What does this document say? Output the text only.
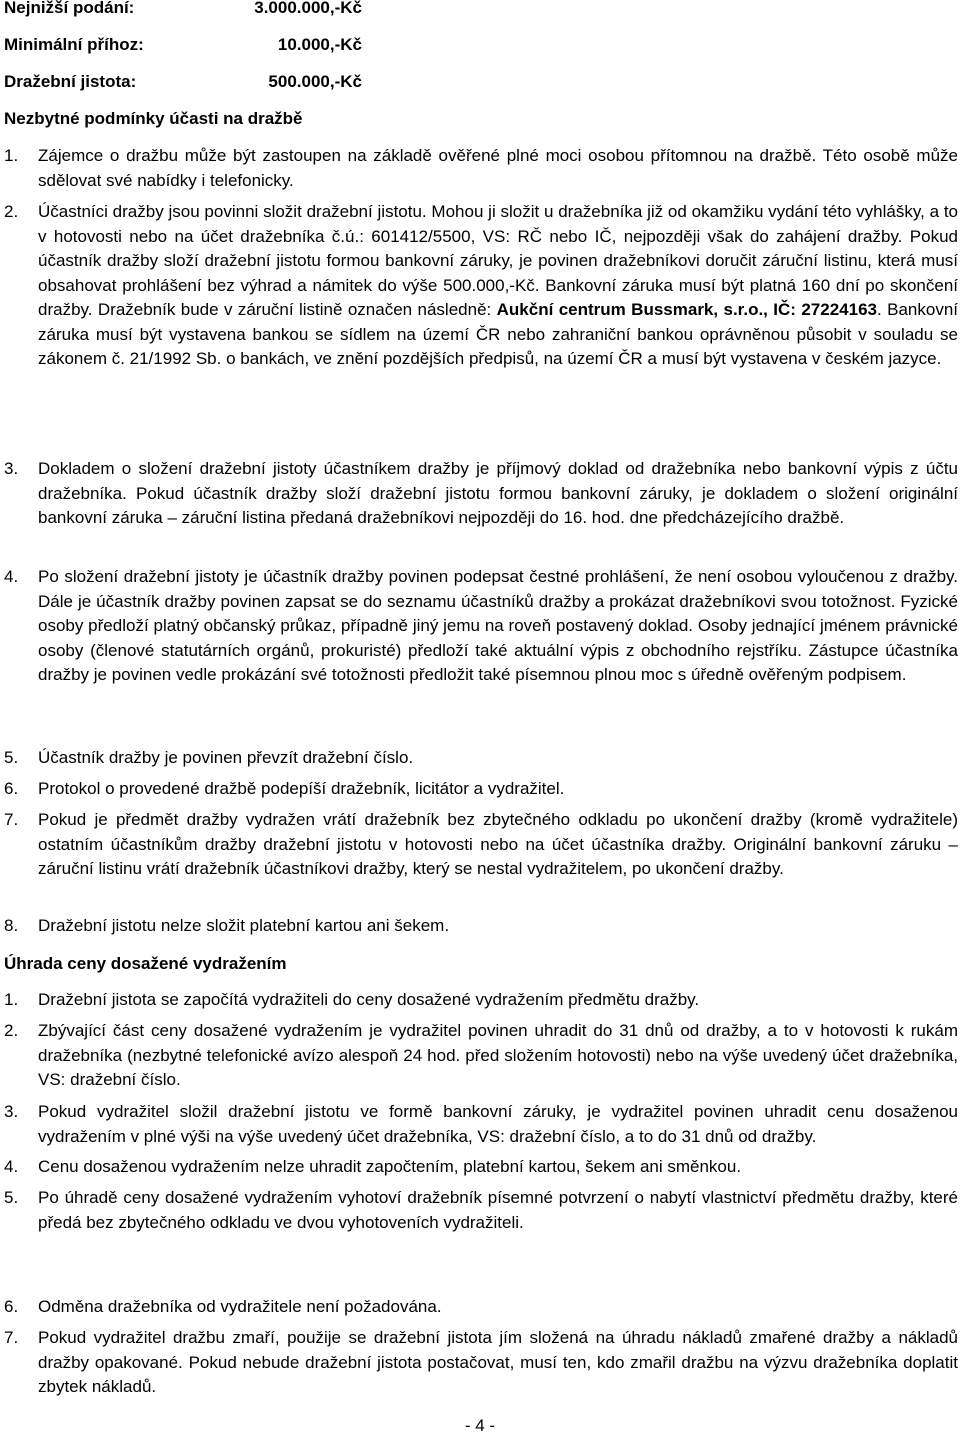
Nejnižší podání:	3.000.000,-Kč
Minimální příhoz:	10.000,-Kč
Dražební jistota:	500.000,-Kč
Nezbytné podmínky účasti na dražbě
1. Zájemce o dražbu může být zastoupen na základě ověřené plné moci osobou přítomnou na dražbě. Této osobě může sdělovat své nabídky i telefonicky.
2. Účastníci dražby jsou povinni složit dražební jistotu. Mohou ji složit u dražebníka již od okamžiku vydání této vyhlášky, a to v hotovosti nebo na účet dražebníka č.ú.: 601412/5500, VS: RČ nebo IČ, nejpozději však do zahájení dražby. Pokud účastník dražby složí dražební jistotu formou bankovní záruky, je povinen dražebníkovi doručit záruční listinu, která musí obsahovat prohlášení bez výhrad a námitek do výše 500.000,-Kč. Bankovní záruka musí být platná 160 dní po skončení dražby. Dražebník bude v záruční listině označen následně: Aukční centrum Bussmark, s.r.o., IČ: 27224163. Bankovní záruka musí být vystavena bankou se sídlem na území ČR nebo zahraniční bankou oprávněnou působit v souladu se zákonem č. 21/1992 Sb. o bankách, ve znění pozdějších předpisů, na území ČR a musí být vystavena v českém jazyce.
3. Dokladem o složení dražební jistoty účastníkem dražby je příjmový doklad od dražebníka nebo bankovní výpis z účtu dražebníka. Pokud účastník dražby složí dražební jistotu formou bankovní záruky, je dokladem o složení originální bankovní záruka – záruční listina předaná dražebníkovi nejpozději do 16. hod. dne předcházejícího dražbě.
4. Po složení dražební jistoty je účastník dražby povinen podepsat čestné prohlášení, že není osobou vyloučenou z dražby. Dále je účastník dražby povinen zapsat se do seznamu účastníků dražby a prokázat dražebníkovi svou totožnost. Fyzické osoby předloží platný občanský průkaz, případně jiný jemu na roveň postavený doklad. Osoby jednající jménem právnické osoby (členové statutárních orgánů, prokuristé) předloží také aktuální výpis z obchodního rejstříku. Zástupce účastníka dražby je povinen vedle prokázání své totožnosti předložit také písemnou plnou moc s úředně ověřeným podpisem.
5. Účastník dražby je povinen převzít dražební číslo.
6. Protokol o provedené dražbě podepíší dražebník, licitátor a vydražitel.
7. Pokud je předmět dražby vydražen vrátí dražebník bez zbytečného odkladu po ukončení dražby (kromě vydražitele) ostatním účastníkům dražby dražební jistotu v hotovosti nebo na účet účastníka dražby. Originální bankovní záruku – záruční listinu vrátí dražebník účastníkovi dražby, který se nestal vydražitelem, po ukončení dražby.
8. Dražební jistotu nelze složit platební kartou ani šekem.
Úhrada ceny dosažené vydražením
1. Dražební jistota se započítá vydražiteli do ceny dosažené vydražením předmětu dražby.
2. Zbývající část ceny dosažené vydražením je vydražitel povinen uhradit do 31 dnů od dražby, a to v hotovosti k rukám dražebníka (nezbytné telefonické avízo alespoň 24 hod. před složením hotovosti) nebo na výše uvedený účet dražebníka, VS: dražební číslo.
3. Pokud vydražitel složil dražební jistotu ve formě bankovní záruky, je vydražitel povinen uhradit cenu dosaženou vydražením v plné výši na výše uvedený účet dražebníka, VS: dražební číslo, a to do 31 dnů od dražby.
4. Cenu dosaženou vydražením nelze uhradit započtením, platební kartou, šekem ani směnkou.
5. Po úhradě ceny dosažené vydražením vyhotoví dražebník písemné potvrzení o nabytí vlastnictví předmětu dražby, které předá bez zbytečného odkladu ve dvou vyhotoveních vydražiteli.
6. Odměna dražebníka od vydražitele není požadována.
7. Pokud vydražitel dražbu zmaří, použije se dražební jistota jím složená na úhradu nákladů zmařené dražby a nákladů dražby opakované. Pokud nebude dražební jistota postačovat, musí ten, kdo zmařil dražbu na výzvu dražebníka doplatit zbytek nákladů.
- 4 -
